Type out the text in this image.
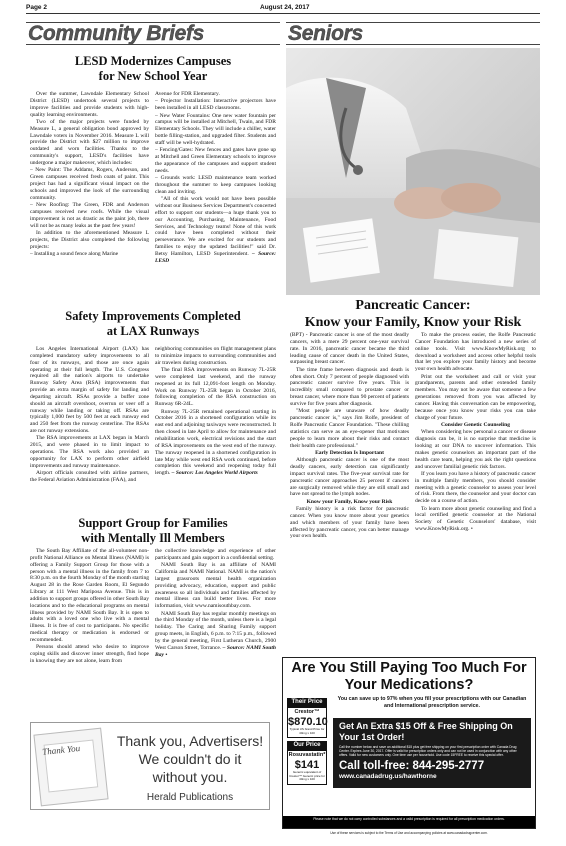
Page 2	August 24, 2017
Community Briefs	Seniors
LESD Modernizes Campuses
for New School Year

Over the summer, Lawndale Elementary School District (LESD) undertook several projects to improve facilities and provide students with high-quality learning environments.

Two of the major projects were funded by Measure L, a general obligation bond approved by Lawndale voters in November 2016. Measure L will provide the District with $27 million to improve outdated and worn facilities. Thanks to the community's support, LESD's facilities have undergone a major makeover, which includes:

– New Paint: The Addams, Rogers, Anderson, and Green campuses received fresh coats of paint. This project has had a significant visual impact on the schools and improved the look of the surrounding community.

– New Roofing: The Green, FDR and Anderson campuses received new roofs. While the visual improvement is not as drastic as the paint job, there will not be as many leaks as the past few years!

In addition to the aforementioned Measure L projects, the District also completed the following projects:

– Installing a sound fence along Marine

Avenue for FDR Elementary.

– Projector Installation: Interactive projectors have been installed in all LESD classrooms.

– New Water Fountains: One new water fountain per campus will be installed at Mitchell, Twain, and FDR Elementary Schools. They will include a chiller, water bottle filling-station, and upgraded filter. Students and staff will be well-hydrated.

– Fencing/Gates: New fences and gates have gone up at Mitchell and Green Elementary schools to improve the appearance of the campuses and support student needs.

– Grounds work: LESD maintenance team worked throughout the summer to keep campuses looking clean and inviting.

"All of this work would not have been possible without our Business Services Department's concerted effort to support our students—a huge thank you to our Accounting, Purchasing, Maintenance, Food Services, and Technology teams! None of this work could have been completed without their perseverance. We are excited for our students and families to enjoy the updated facilities!" said Dr. Betsy Hamilton, LESD Superintendent. – Source: LESD

Safety Improvements Completed
at LAX Runways

Los Angeles International Airport (LAX) has completed mandatory safety improvements to all four of its runways, and those are once again operating at their full length. The U.S. Congress required all the nation's airports to undertake Runway Safety Area (RSA) improvements that provide an extra margin of safety for landing and departing aircraft. RSAs provide a buffer zone should an aircraft overshoot, overrun or veer off a runway while landing or taking off. RSAs are typically 1,000 feet by 500 feet at each runway end and 250 feet from the runway centerline. The RSAs are not runway extensions.

The RSA improvements at LAX began in March 2015, and were phased in to limit impact to operations. The RSA work also provided an opportunity for LAX to perform other airfield improvements and runway maintenance.

Airport officials consulted with airline partners, the Federal Aviation Administration (FAA), and

neighboring communities on flight management plans to minimize impacts to surrounding communities and air travelers during construction.

The final RSA improvements on Runway 7L-25R were completed last weekend, and the runway reopened at its full 12,091-foot length on Monday. Work on Runway 7L-25R began in October 2016, following completion of the RSA construction on Runway 6R-24L.

Runway 7L-25R remained operational starting in October 2016 in a shortened configuration while its east end and adjoining taxiways were reconstructed. It then closed in late April to allow for maintenance and rehabilitation work, electrical revisions and the start of RSA improvements on the west end of the runway. The runway reopened in a shortened configuration in late May while west end RSA work continued, before completion this weekend and reopening today full length. – Source: Los Angeles World Airports

Support Group for Families
with Mentally Ill Members

The South Bay Affiliate of the all-volunteer non-profit National Alliance on Mental Illness (NAMI) is offering a Family Support Group for those with a person with a mental illness in the family from 7 to 8:30 p.m. on the fourth Monday of the month starting August 28 in the Rose Garden Room, El Segundo Library at 111 West Mariposa Avenue. This is in addition to support groups offered in other South Bay locations and to the educational programs on mental illness provided by NAMI South Bay. It is open to adults with a loved one who live with a mental illness. It is free of cost to participants. No specific medical therapy or medication is endorsed or recommended.

Persons should attend who desire to improve coping skills and discover inner strength, find hope in knowing they are not alone, learn from

the collective knowledge and experience of other participants and gain support in a confidential setting.

NAMI South Bay is an affiliate of NAMI California and NAMI National. NAMI is the nation's largest grassroots mental health organization providing advocacy, education, support and public awareness so all individuals and families affected by mental illness can build better lives. For more information, visit www.namisouthbay.com.

NAMI South Bay has regular monthly meetings on the third Monday of the month, unless there is a legal holiday. The Caring and Sharing Family support group meets, in English, 6 p.m. to 7:15 p.m., followed by the general meeting, First Lutheran Church, 2900 West Carson Street, Torrance. – Source: NAMI South Bay •

Thank You
Thank you, Advertisers!
We couldn't do it
without you.
Herald Publications
Pancreatic Cancer:
Know your Family, Know your Risk

(BPT) - Pancreatic cancer is one of the most deadly cancers, with a mere 29 percent one-year survival rate. In 2016, pancreatic cancer became the third leading cause of cancer death in the United States, surpassing breast cancer.

The time frame between diagnosis and death is often short. Only 7 percent of people diagnosed with pancreatic cancer survive five years. This is incredibly small compared to prostate cancer or breast cancer, where more than 90 percent of patients survive for five years after diagnosis.

"Most people are unaware of how deadly pancreatic cancer is," says Jim Rolfe, president of Rolfe Pancreatic Cancer Foundation. "These chilling statistics can serve as an eye-opener that motivates people to learn more about their risks and contact their health care professional."

Early Detection Is Important

Although pancreatic cancer is one of the most deadly cancers, early detection can significantly impact survival rates. The five-year survival rate for pancreatic cancer approaches 25 percent if cancers are surgically removed while they are still small and have not spread to the lymph nodes.

Know your Family, Know your Risk

Family history is a risk factor for pancreatic cancer. When you know more about your genetics and which members of your family have been affected by pancreatic cancer, you can better manage your own health.

To make the process easier, the Rolfe Pancreatic Cancer Foundation has introduced a new series of online tools. Visit www.KnowMyRisk.org to download a worksheet and access other helpful tools that let you explore your family history and become your own health advocate.

Print out the worksheet and call or visit your grandparents, parents and other extended family members. You may not be aware that someone a few generations removed from you was affected by cancer. Having this conversation can be empowering, because once you know your risks you can take charge of your future.

Consider Genetic Counseling

When considering how personal a cancer or disease diagnosis can be, it is no surprise that medicine is looking at our DNA to uncover information. This makes genetic counselors an important part of the health care team, helping you ask the right questions and uncover familial genetic risk factors.

If you learn you have a history of pancreatic cancer in multiple family members, you should consider meeting with a genetic counselor to assess your level of risk. From there, the counselor and your doctor can decide on a course of action.

To learn more about genetic counseling and find a local certified genetic counselor at the National Society of Genetic Counselors' database, visit www.KnowMyRisk.org. •

Are You Still Paying Too Much For
Your Medications?
Their Price
Crestor™
$870.10
Typical US brand Price for 40mg x 100
Our Price
Rosuvastatin*
$141
Generic equivalent of Crestor™ Generic price for 40mg x 100
You can save up to 97% when you fill your prescriptions with our Canadian and International prescription service.
Get An Extra $15 Off & Free Shipping On Your 1st Order!
Call the number below and save an additional $15 plus get free shipping on your first prescription order with Canada Drug Center. Expires June 30, 2017. Offer is valid for prescription orders only and can not be used in conjunction with any other offers. Valid for new customers only. One time use per household. Use code 15FREE to receive this special offer.
Call toll-free: 844-295-2777
www.canadadrug.us/hawthorne
Please note that we do not carry controlled substances and a valid prescription is required for all prescription medication orders.
Use of these services is subject to the Terms of Use and accompanying policies at www.canadadrugcenter.com.
